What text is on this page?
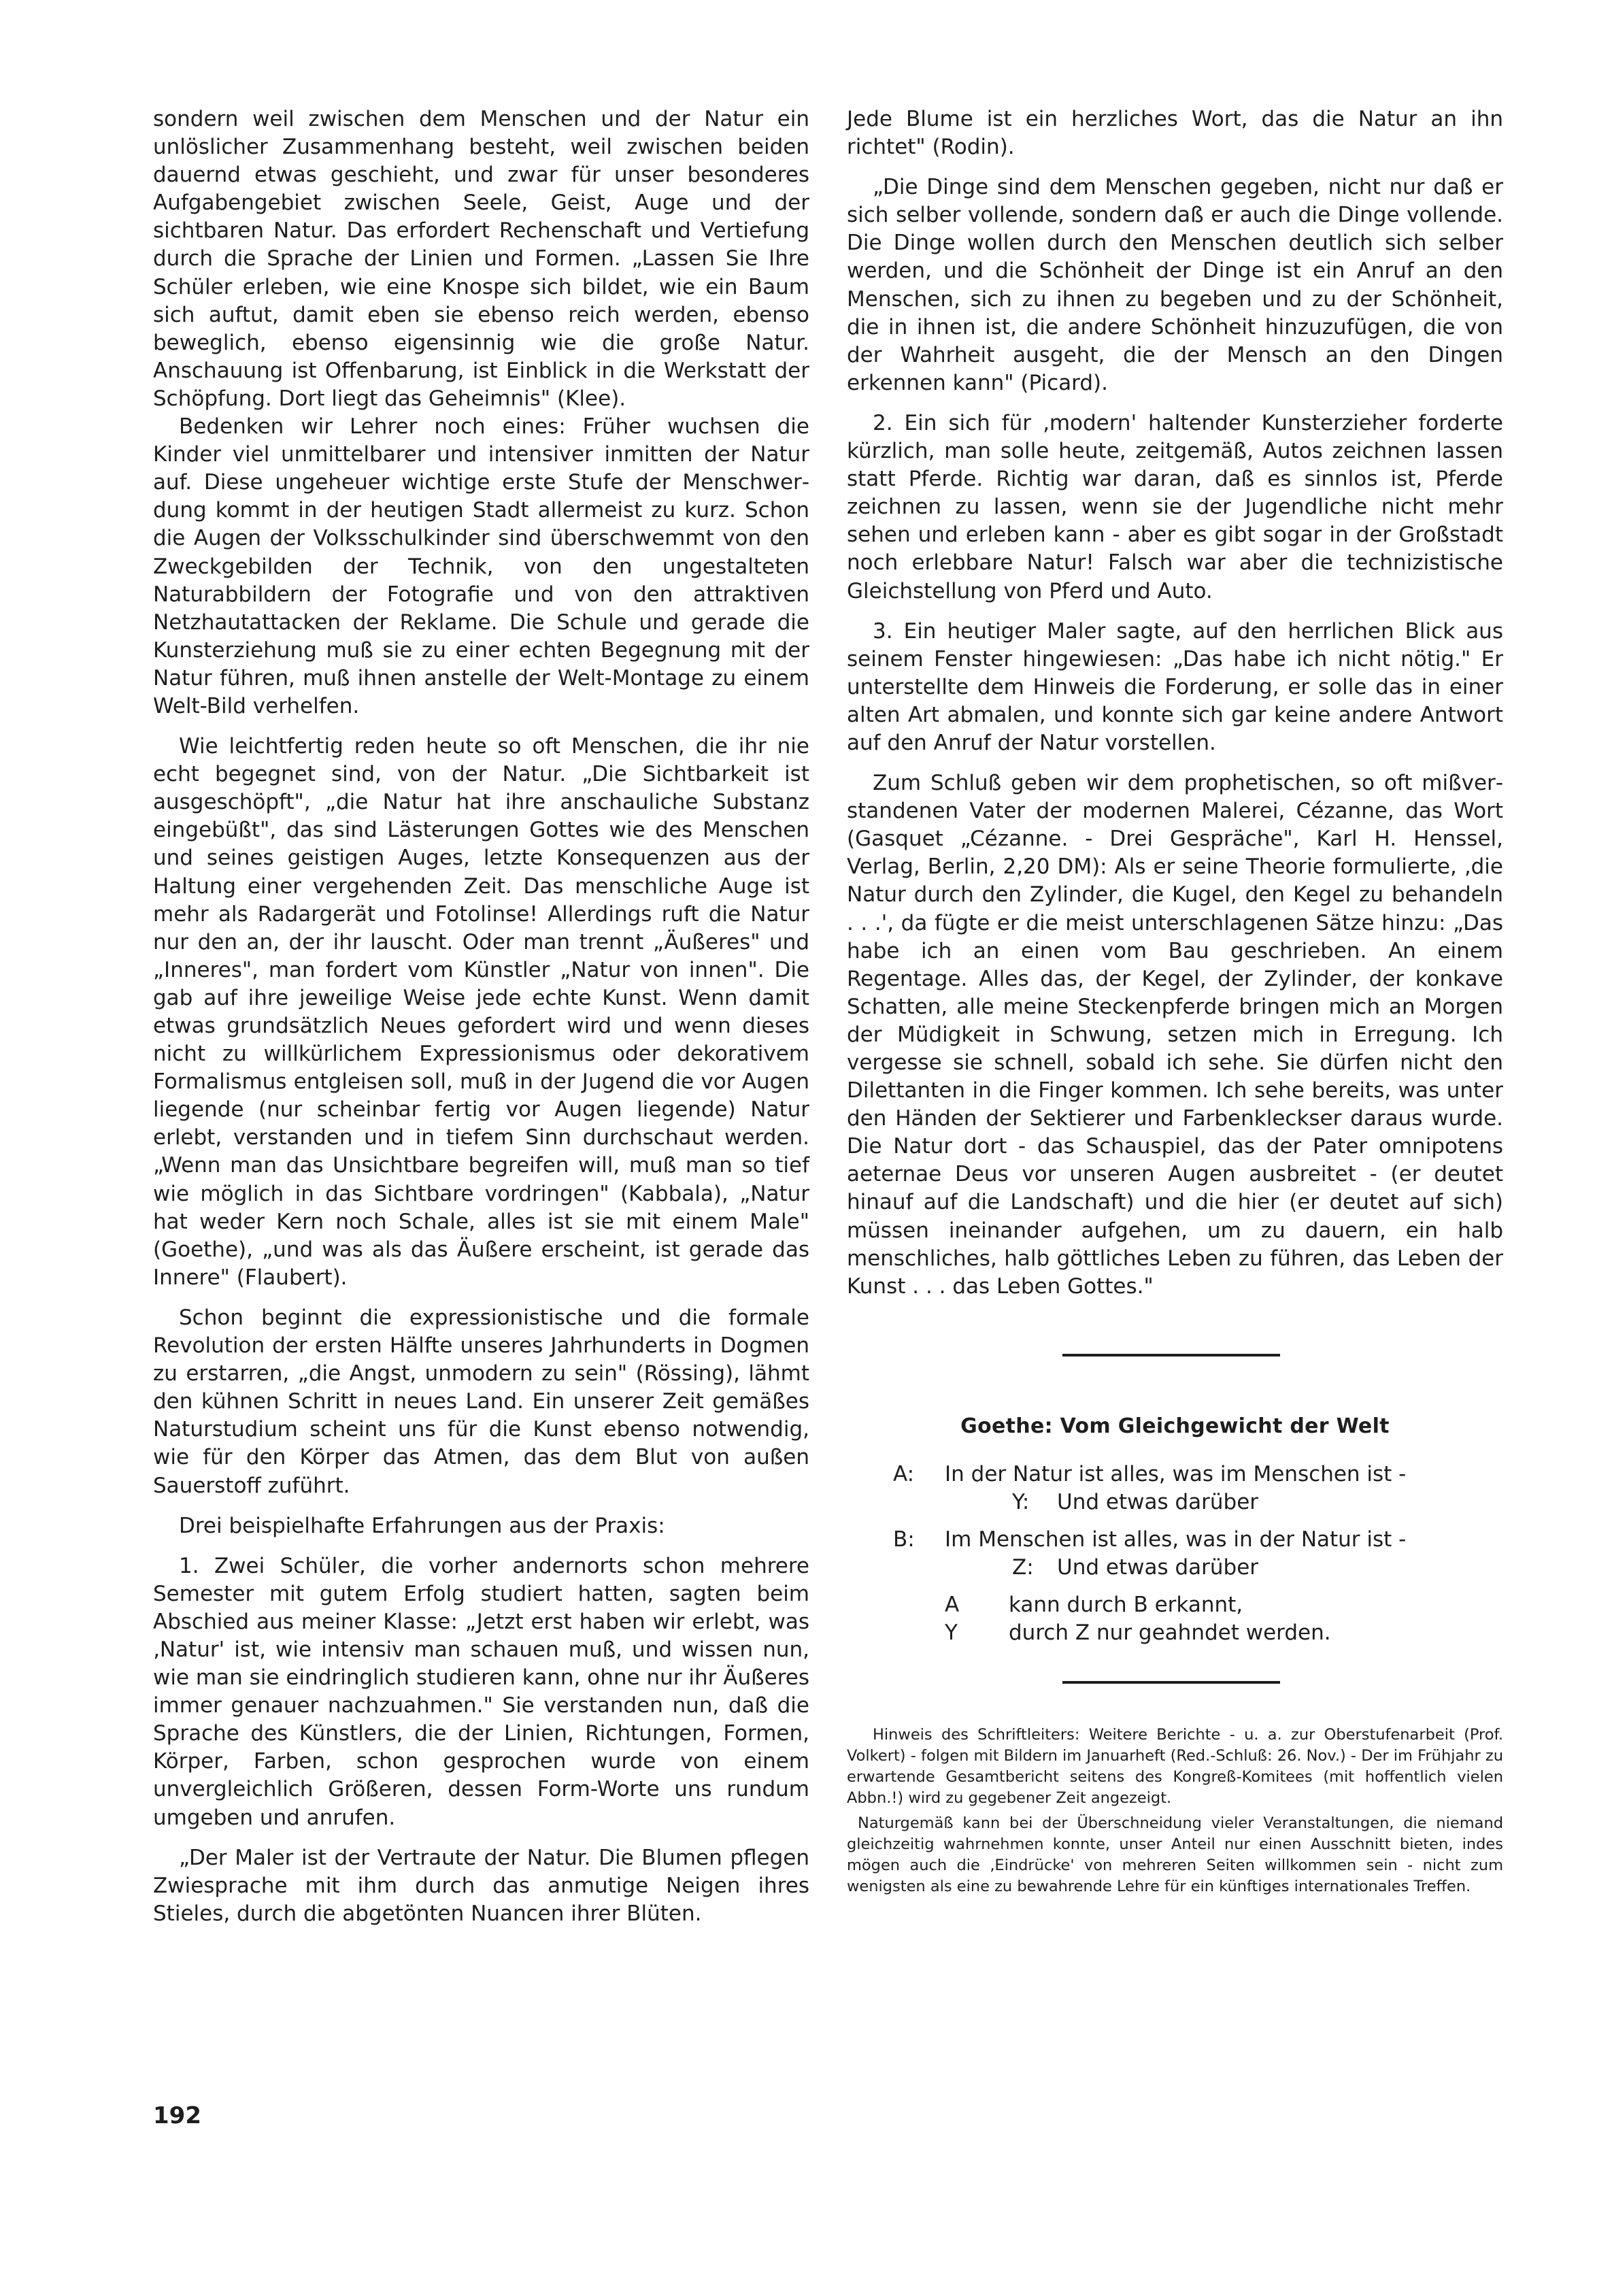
sondern weil zwischen dem Menschen und der Natur ein unlöslicher Zusammenhang besteht, weil zwischen beiden dauernd etwas geschieht, und zwar für unser besonderes Aufgabengebiet zwischen Seele, Geist, Auge und der sichtbaren Natur. Das erfordert Rechenschaft und Vertiefung durch die Sprache der Linien und Formen. „Lassen Sie Ihre Schüler erleben, wie eine Knospe sich bildet, wie ein Baum sich auftut, damit eben sie ebenso reich werden, ebenso beweglich, ebenso eigensinnig wie die große Natur. Anschauung ist Offenbarung, ist Einblick in die Werkstatt der Schöpfung. Dort liegt das Geheimnis" (Klee).

Bedenken wir Lehrer noch eines: Früher wuchsen die Kinder viel unmittelbarer und intensiver inmitten der Natur auf. Diese ungeheuer wichtige erste Stufe der Menschwerdung kommt in der heutigen Stadt allermeist zu kurz. Schon die Augen der Volksschulkinder sind überschwemmt von den Zweckgebilden der Technik, von den ungestalteten Naturabbildern der Fotografie und von den attraktiven Netzhautattacken der Reklame. Die Schule und gerade die Kunsterziehung muß sie zu einer echten Begegnung mit der Natur führen, muß ihnen anstelle der Welt-Montage zu einem Welt-Bild verhelfen.

Wie leichtfertig reden heute so oft Menschen, die ihr nie echt begegnet sind, von der Natur. „Die Sichtbarkeit ist ausgeschöpft", „die Natur hat ihre anschauliche Substanz eingebüßt", das sind Lästerungen Gottes wie des Menschen und seines geistigen Auges, letzte Konsequenzen aus der Haltung einer vergehenden Zeit. Das menschliche Auge ist mehr als Radargerät und Fotolinse! Allerdings ruft die Natur nur den an, der ihr lauscht. Oder man trennt „Äußeres" und „Inneres", man fordert vom Künstler „Natur von innen". Die gab auf ihre jeweilige Weise jede echte Kunst. Wenn damit etwas grundsätzlich Neues gefordert wird und wenn dieses nicht zu willkürlichem Expressionismus oder dekorativem Formalismus entgleisen soll, muß in der Jugend die vor Augen liegende (nur scheinbar fertig vor Augen liegende) Natur erlebt, verstanden und in tiefem Sinn durchschaut werden. „Wenn man das Unsichtbare begreifen will, muß man so tief wie möglich in das Sichtbare vordringen" (Kabbala), „Natur hat weder Kern noch Schale, alles ist sie mit einem Male" (Goethe), „und was als das Äußere erscheint, ist gerade das Innere" (Flaubert).

Schon beginnt die expressionistische und die formale Revolution der ersten Hälfte unseres Jahrhunderts in Dogmen zu erstarren, „die Angst, unmodern zu sein" (Rössing), lähmt den kühnen Schritt in neues Land. Ein unserer Zeit gemäßes Naturstudium scheint uns für die Kunst ebenso notwendig, wie für den Körper das Atmen, das dem Blut von außen Sauerstoff zuführt.

Drei beispielhafte Erfahrungen aus der Praxis:

1. Zwei Schüler, die vorher andernorts schon mehrere Semester mit gutem Erfolg studiert hatten, sagten beim Abschied aus meiner Klasse: „Jetzt erst haben wir erlebt, was ‚Natur' ist, wie intensiv man schauen muß, und wissen nun, wie man sie eindringlich studieren kann, ohne nur ihr Äußeres immer genauer nachzuahmen." Sie verstanden nun, daß die Sprache des Künstlers, die der Linien, Richtungen, Formen, Körper, Farben, schon gesprochen wurde von einem unvergleichlich Größeren, dessen Form-Worte uns rundum umgeben und anrufen.

„Der Maler ist der Vertraute der Natur. Die Blumen pflegen Zwiesprache mit ihm durch das anmutige Neigen ihres Stieles, durch die abgetönten Nuancen ihrer Blüten.

Jede Blume ist ein herzliches Wort, das die Natur an ihn richtet" (Rodin).

„Die Dinge sind dem Menschen gegeben, nicht nur daß er sich selber vollende, sondern daß er auch die Dinge vollende. Die Dinge wollen durch den Menschen deutlich sich selber werden, und die Schönheit der Dinge ist ein Anruf an den Menschen, sich zu ihnen zu begeben und zu der Schönheit, die in ihnen ist, die andere Schönheit hinzuzufügen, die von der Wahrheit ausgeht, die der Mensch an den Dingen erkennen kann" (Picard).

2. Ein sich für ‚modern' haltender Kunsterzieher forderte kürzlich, man solle heute, zeitgemäß, Autos zeichnen lassen statt Pferde. Richtig war daran, daß es sinnlos ist, Pferde zeichnen zu lassen, wenn sie der Jugendliche nicht mehr sehen und erleben kann - aber es gibt sogar in der Großstadt noch erlebbare Natur! Falsch war aber die technizistische Gleichstellung von Pferd und Auto.

3. Ein heutiger Maler sagte, auf den herrlichen Blick aus seinem Fenster hingewiesen: „Das habe ich nicht nötig." Er unterstellte dem Hinweis die Forderung, er solle das in einer alten Art abmalen, und konnte sich gar keine andere Antwort auf den Anruf der Natur vorstellen.

Zum Schluß geben wir dem prophetischen, so oft mißverstandenen Vater der modernen Malerei, Cézanne, das Wort (Gasquet „Cézanne. - Drei Gespräche", Karl H. Henssel, Verlag, Berlin, 2,20 DM): Als er seine Theorie formulierte, ‚die Natur durch den Zylinder, die Kugel, den Kegel zu behandeln . . .', da fügte er die meist unterschlagenen Sätze hinzu: „Das habe ich an einen vom Bau geschrieben. An einem Regentage. Alles das, der Kegel, der Zylinder, der konkave Schatten, alle meine Steckenpferde bringen mich an Morgen der Müdigkeit in Schwung, setzen mich in Erregung. Ich vergesse sie schnell, sobald ich sehe. Sie dürfen nicht den Dilettanten in die Finger kommen. Ich sehe bereits, was unter den Händen der Sektierer und Farbenkleckser daraus wurde. Die Natur dort - das Schauspiel, das der Pater omnipotens aeternae Deus vor unseren Augen ausbreitet - (er deutet hinauf auf die Landschaft) und die hier (er deutet auf sich) müssen ineinander aufgehen, um zu dauern, ein halb menschliches, halb göttliches Leben zu führen, das Leben der Kunst . . . das Leben Gottes."

Goethe: Vom Gleichgewicht der Welt
A: In der Natur ist alles, was im Menschen ist -
Y: Und etwas darüber
B: Im Menschen ist alles, was in der Natur ist -
Z: Und etwas darüber
A kann durch B erkannt,
Y durch Z nur geahndet werden.

Hinweis des Schriftleiters: Weitere Berichte - u. a. zur Oberstufenarbeit (Prof. Volkert) - folgen mit Bildern im Januarheft (Red.-Schluß: 26. Nov.) - Der im Frühjahr zu erwartende Gesamtbericht seitens des Kongreß-Komitees (mit hoffentlich vielen Abbn.!) wird zu gegebener Zeit angezeigt.

Naturgemäß kann bei der Überschneidung vieler Veranstaltungen, die niemand gleichzeitig wahrnehmen konnte, unser Anteil nur einen Ausschnitt bieten, indes mögen auch die ‚Eindrücke' von mehreren Seiten willkommen sein - nicht zum wenigsten als eine zu bewahrende Lehre für ein künftiges internationales Treffen.

192
